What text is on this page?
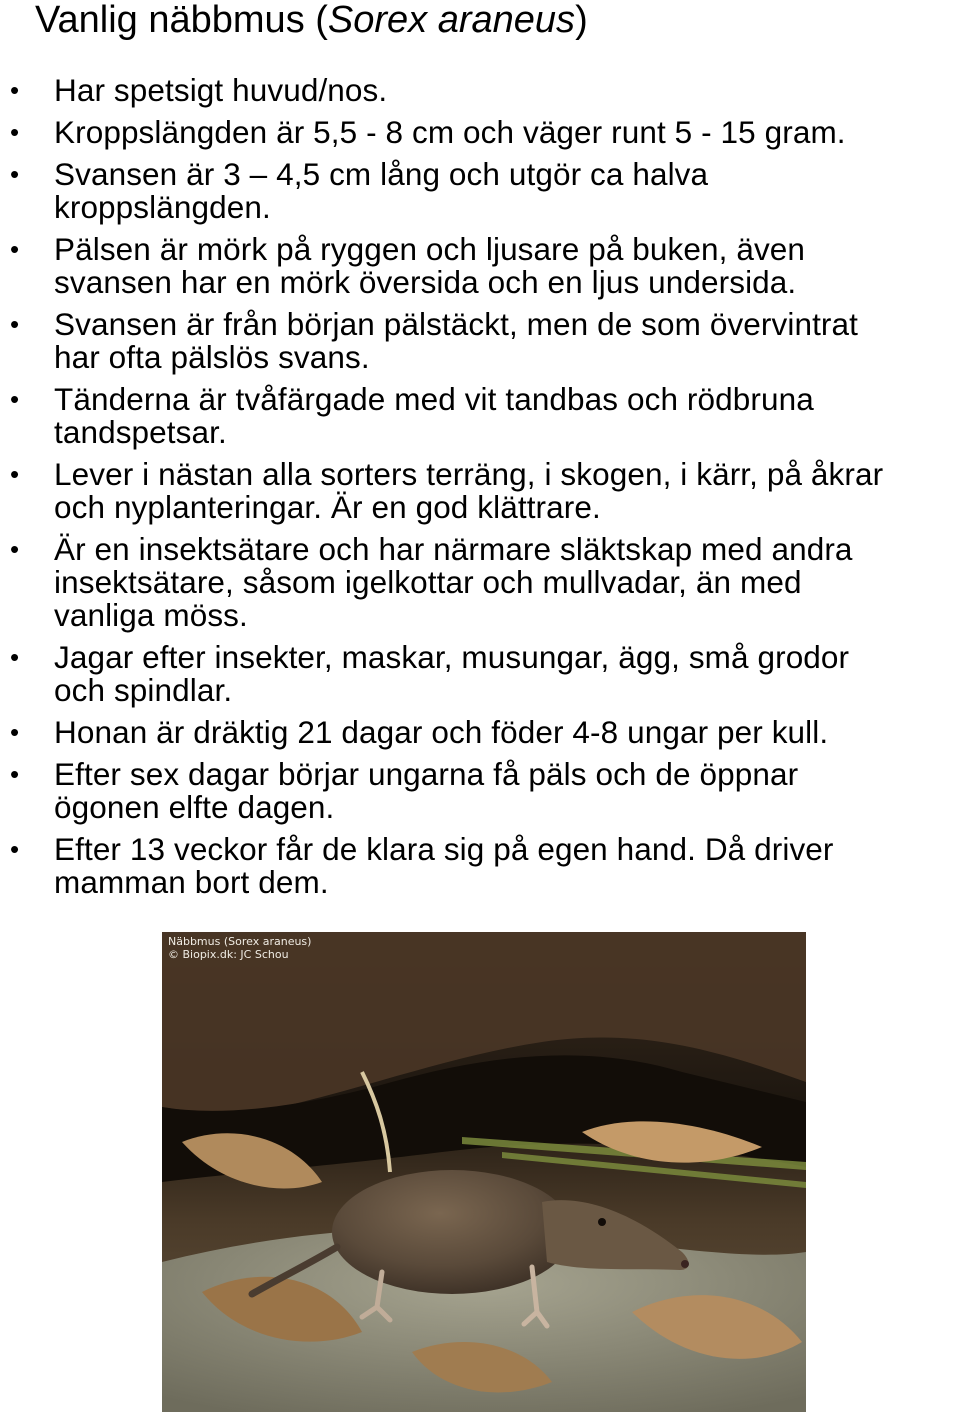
Vanlig näbbmus (Sorex araneus)
• Har spetsigt huvud/nos.
• Kroppslängden är 5,5 - 8 cm och väger runt 5 - 15 gram.
• Svansen är 3 – 4,5 cm lång och utgör ca halva
kroppslängden.
• Pälsen är mörk på ryggen och ljusare på buken, även
svansen har en mörk översida och en ljus undersida.
• Svansen är från början pälstäckt, men de som övervintrat
har ofta pälslös svans.
• Tänderna är tvåfärgade med vit tandbas och rödbruna
tandspetsar.
• Lever i nästan alla sorters terräng, i skogen, i kärr, på åkrar
och nyplanteringar. Är en god klättrare.
• Är en insektsätare och har närmare släktskap med andra
insektsätare, såsom igelkottar och mullvadar, än med
vanliga möss.
• Jagar efter insekter, maskar, musungar, ägg, små grodor
och spindlar.
• Honan är dräktig 21 dagar och föder 4-8 ungar per kull.
• Efter sex dagar börjar ungarna få päls och de öppnar
ögonen elfte dagen.
• Efter 13 veckor får de klara sig på egen hand. Då driver
mamman bort dem.
Näbbmus (Sorex araneus)
© Biopix.dk: JC Schou
